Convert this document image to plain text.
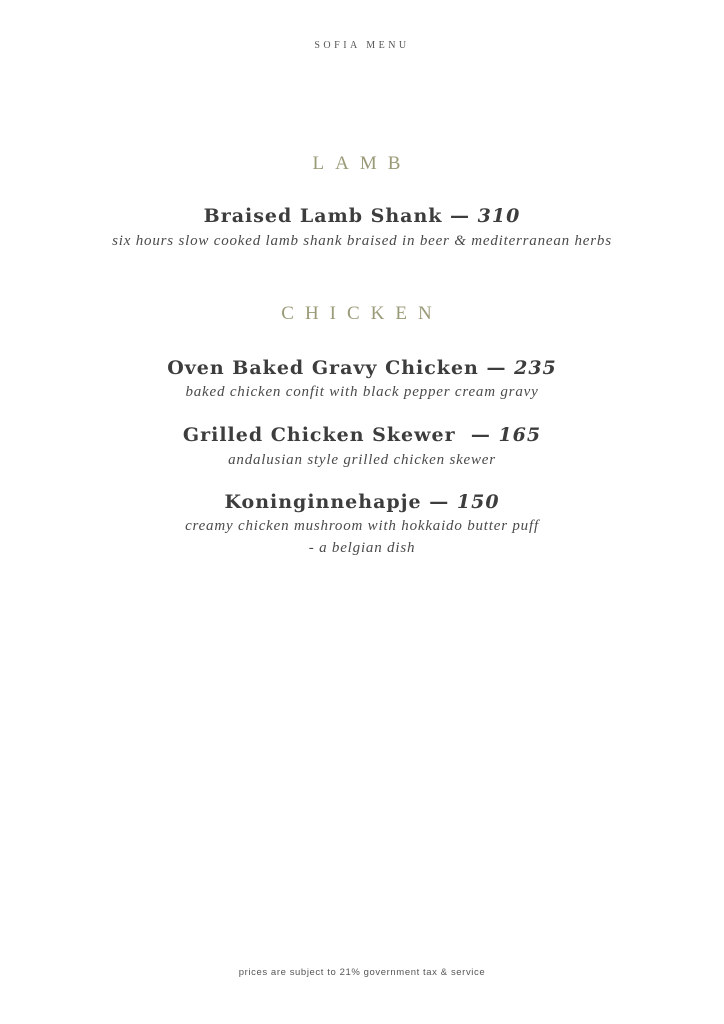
SOFIA MENU
LAMB
Braised Lamb Shank — 310
six hours slow cooked lamb shank braised in beer & mediterranean herbs
CHICKEN
Oven Baked Gravy Chicken — 235
baked chicken confit with black pepper cream gravy
Grilled Chicken Skewer  — 165
andalusian style grilled chicken skewer
Koninginnehapje — 150
creamy chicken mushroom with hokkaido butter puff
- a belgian dish
prices are subject to 21% government tax & service
